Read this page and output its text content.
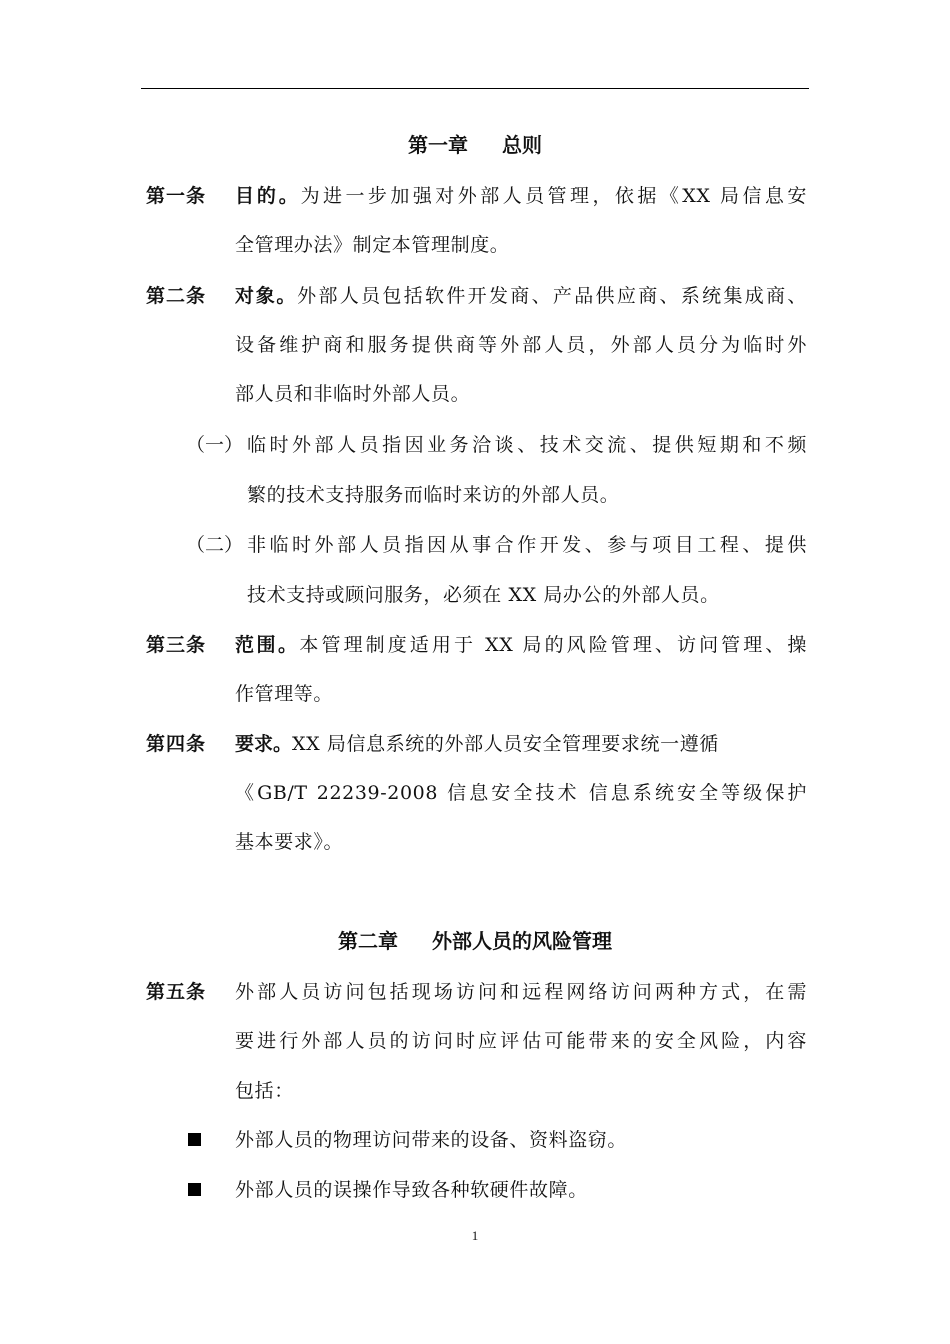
第一章 总则
第一条 目的。为进一步加强对外部人员管理，依据《XX 局信息安
全管理办法》制定本管理制度。
第二条 对象。外部人员包括软件开发商、产品供应商、系统集成商、
设备维护商和服务提供商等外部人员，外部人员分为临时外
部人员和非临时外部人员。
（一） 临时外部人员指因业务洽谈、技术交流、提供短期和不频
繁的技术支持服务而临时来访的外部人员。
（二） 非临时外部人员指因从事合作开发、参与项目工程、提供
技术支持或顾问服务，必须在 XX 局办公的外部人员。
第三条 范围。本管理制度适用于 XX 局的风险管理、访问管理、操
作管理等。
第四条 要求。XX 局信息系统的外部人员安全管理要求统一遵循
《GB/T 22239-2008 信息安全技术 信息系统安全等级保护
基本要求》。
第二章 外部人员的风险管理
第五条 外部人员访问包括现场访问和远程网络访问两种方式，在需
要进行外部人员的访问时应评估可能带来的安全风险，内容
包括：
外部人员的物理访问带来的设备、资料盗窃。
外部人员的误操作导致各种软硬件故障。
1
